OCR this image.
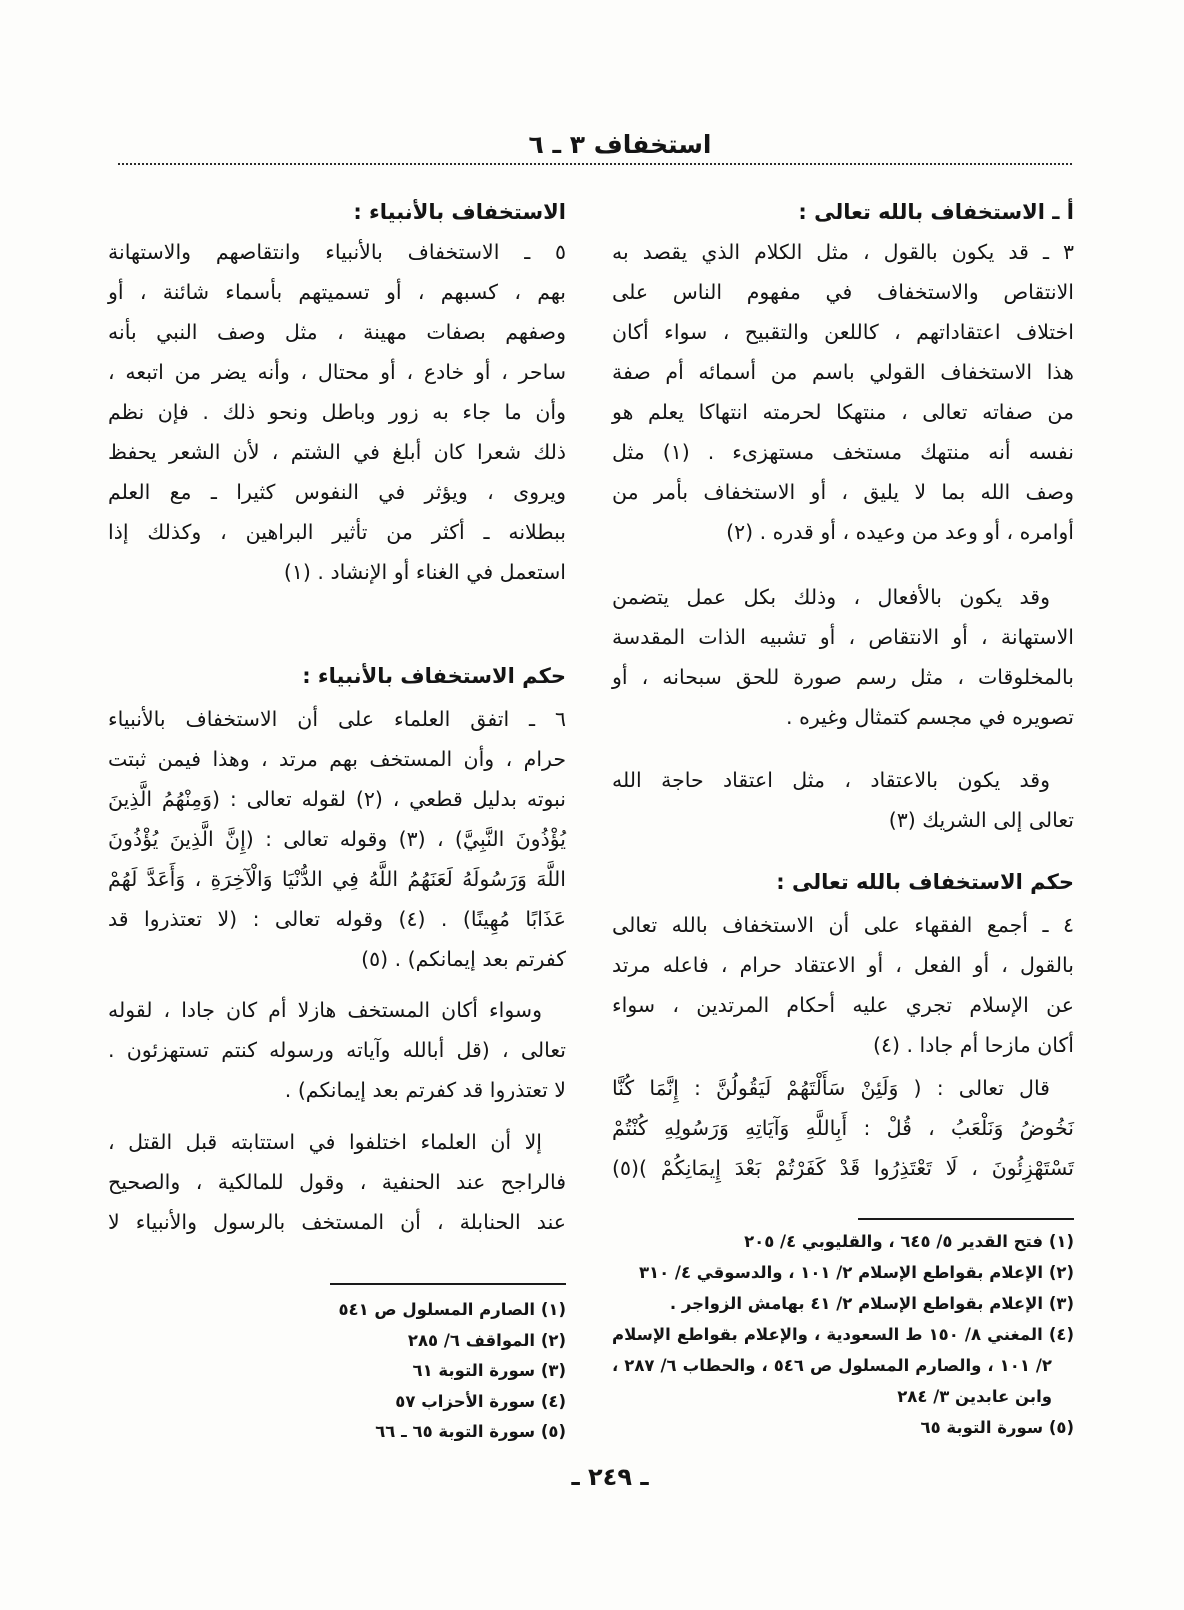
استخفاف ٣ ـ ٦
أ ـ الاستخفاف بالله تعالى :
٣ ـ قد يكون بالقول ، مثل الكلام الذي يقصد به
الانتقاص والاستخفاف في مفهوم الناس على
اختلاف اعتقاداتهم ، كاللعن والتقبيح ، سواء أكان
هذا الاستخفاف القولي باسم من أسمائه أم صفة
من صفاته تعالى ، منتهكا لحرمته انتهاكا يعلم هو
نفسه أنه منتهك مستخف مستهزىء . (١) مثل
وصف الله بما لا يليق ، أو الاستخفاف بأمر من
أوامره ، أو وعد من وعيده ، أو قدره . (٢)
وقد يكون بالأفعال ، وذلك بكل عمل يتضمن
الاستهانة ، أو الانتقاص ، أو تشبيه الذات المقدسة
بالمخلوقات ، مثل رسم صورة للحق سبحانه ، أو
تصويره في مجسم كتمثال وغيره .
وقد يكون بالاعتقاد ، مثل اعتقاد حاجة الله
تعالى إلى الشريك (٣)
حكم الاستخفاف بالله تعالى :
٤ ـ أجمع الفقهاء على أن الاستخفاف بالله تعالى
بالقول ، أو الفعل ، أو الاعتقاد حرام ، فاعله مرتد
عن الإسلام تجري عليه أحكام المرتدين ، سواء
أكان مازحا أم جادا . (٤)
قال تعالى : ( وَلَئِنْ سَأَلْتَهُمْ لَيَقُولُنَّ : إِنَّمَا كُنَّا
نَخُوضُ وَنَلْعَبُ ، قُلْ : أَبِاللَّهِ وَآيَاتِهِ وَرَسُولِهِ كُنْتُمْ
تَسْتَهْزِئُونَ ، لَا تَعْتَذِرُوا قَدْ كَفَرْتُمْ بَعْدَ إِيمَانِكُمْ )(٥)
(١) فتح القدير ٥/ ٦٤٥ ، والقليوبي ٤/ ٢٠٥
(٢) الإعلام بقواطع الإسلام ٢/ ١٠١ ، والدسوقي ٤/ ٣١٠
(٣) الإعلام بقواطع الإسلام ٢/ ٤١ بهامش الزواجر .
(٤) المغني ٨/ ١٥٠ ط السعودية ، والإعلام بقواطع الإسلام
٢/ ١٠١ ، والصارم المسلول ص ٥٤٦ ، والحطاب ٦/ ٢٨٧ ،
وابن عابدين ٣/ ٢٨٤
(٥) سورة التوبة ٦٥
الاستخفاف بالأنبياء :
٥ ـ الاستخفاف بالأنبياء وانتقاصهم والاستهانة
بهم ، كسبهم ، أو تسميتهم بأسماء شائنة ، أو
وصفهم بصفات مهينة ، مثل وصف النبي بأنه
ساحر ، أو خادع ، أو محتال ، وأنه يضر من اتبعه ،
وأن ما جاء به زور وباطل ونحو ذلك . فإن نظم
ذلك شعرا كان أبلغ في الشتم ، لأن الشعر يحفظ
ويروى ، ويؤثر في النفوس كثيرا ـ مع العلم
ببطلانه ـ أكثر من تأثير البراهين ، وكذلك إذا
استعمل في الغناء أو الإنشاد . (١)
حكم الاستخفاف بالأنبياء :
٦ ـ اتفق العلماء على أن الاستخفاف بالأنبياء
حرام ، وأن المستخف بهم مرتد ، وهذا فيمن ثبتت
نبوته بدليل قطعي ، (٢) لقوله تعالى : (وَمِنْهُمُ الَّذِينَ
يُؤْذُونَ النَّبِيَّ) ، (٣) وقوله تعالى : (إِنَّ الَّذِينَ يُؤْذُونَ
اللَّهَ وَرَسُولَهُ لَعَنَهُمُ اللَّهُ فِي الدُّنْيَا وَالْآخِرَةِ ، وَأَعَدَّ لَهُمْ
عَذَابًا مُهِينًا) . (٤) وقوله تعالى : (لا تعتذروا قد
كفرتم بعد إيمانكم) . (٥)
وسواء أكان المستخف هازلا أم كان جادا ، لقوله
تعالى ، (قل أبالله وآياته ورسوله كنتم تستهزئون .
لا تعتذروا قد كفرتم بعد إيمانكم) .
إلا أن العلماء اختلفوا في استتابته قبل القتل ،
فالراجح عند الحنفية ، وقول للمالكية ، والصحيح
عند الحنابلة ، أن المستخف بالرسول والأنبياء لا
(١) الصارم المسلول ص ٥٤١
(٢) المواقف ٦/ ٢٨٥
(٣) سورة التوبة ٦١
(٤) سورة الأحزاب ٥٧
(٥) سورة التوبة ٦٥ ـ ٦٦
ـ ٢٤٩ ـ
